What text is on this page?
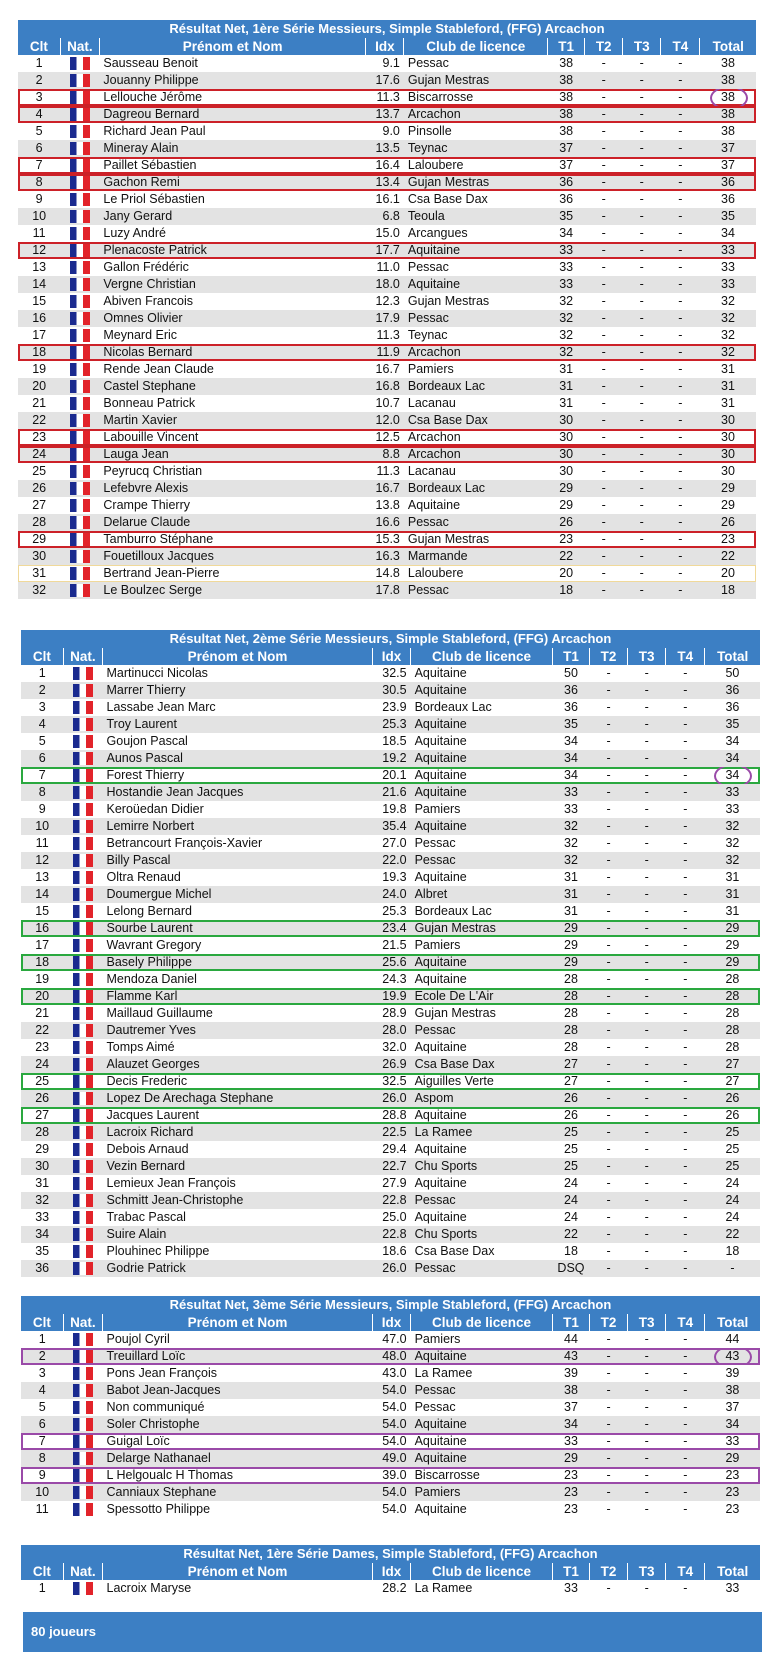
Résultat Net, 1ère Série Messieurs, Simple Stableford, (FFG) Arcachon
Clt	Nat.	Prénom et Nom	Idx	Club de licence	T1	T2	T3	T4	Total
1		Sausseau Benoit	9.1	Pessac	38	-	-	-	38
2		Jouanny Philippe	17.6	Gujan Mestras	38	-	-	-	38
3		Lellouche Jérôme	11.3	Biscarrosse	38	-	-	-	38
4		Dagreou Bernard	13.7	Arcachon	38	-	-	-	38
5		Richard Jean Paul	9.0	Pinsolle	38	-	-	-	38
6		Mineray Alain	13.5	Teynac	37	-	-	-	37
7		Paillet Sébastien	16.4	Laloubere	37	-	-	-	37
8		Gachon Remi	13.4	Gujan Mestras	36	-	-	-	36
9		Le Priol Sébastien	16.1	Csa Base Dax	36	-	-	-	36
10		Jany Gerard	6.8	Teoula	35	-	-	-	35
11		Luzy André	15.0	Arcangues	34	-	-	-	34
12		Plenacoste Patrick	17.7	Aquitaine	33	-	-	-	33
13		Gallon Frédéric	11.0	Pessac	33	-	-	-	33
14		Vergne Christian	18.0	Aquitaine	33	-	-	-	33
15		Abiven Francois	12.3	Gujan Mestras	32	-	-	-	32
16		Omnes Olivier	17.9	Pessac	32	-	-	-	32
17		Meynard Eric	11.3	Teynac	32	-	-	-	32
18		Nicolas Bernard	11.9	Arcachon	32	-	-	-	32
19		Rende Jean Claude	16.7	Pamiers	31	-	-	-	31
20		Castel Stephane	16.8	Bordeaux Lac	31	-	-	-	31
21		Bonneau Patrick	10.7	Lacanau	31	-	-	-	31
22		Martin Xavier	12.0	Csa Base Dax	30	-	-	-	30
23		Labouille Vincent	12.5	Arcachon	30	-	-	-	30
24		Lauga Jean	8.8	Arcachon	30	-	-	-	30
25		Peyrucq Christian	11.3	Lacanau	30	-	-	-	30
26		Lefebvre Alexis	16.7	Bordeaux Lac	29	-	-	-	29
27		Crampe Thierry	13.8	Aquitaine	29	-	-	-	29
28		Delarue Claude	16.6	Pessac	26	-	-	-	26
29		Tamburro Stéphane	15.3	Gujan Mestras	23	-	-	-	23
30		Fouetilloux Jacques	16.3	Marmande	22	-	-	-	22
31		Bertrand Jean-Pierre	14.8	Laloubere	20	-	-	-	20
32		Le Boulzec Serge	17.8	Pessac	18	-	-	-	18
Résultat Net, 2ème Série Messieurs, Simple Stableford, (FFG) Arcachon
Clt	Nat.	Prénom et Nom	Idx	Club de licence	T1	T2	T3	T4	Total
1		Martinucci Nicolas	32.5	Aquitaine	50	-	-	-	50
2		Marrer Thierry	30.5	Aquitaine	36	-	-	-	36
3		Lassabe Jean Marc	23.9	Bordeaux Lac	36	-	-	-	36
4		Troy Laurent	25.3	Aquitaine	35	-	-	-	35
5		Goujon Pascal	18.5	Aquitaine	34	-	-	-	34
6		Aunos Pascal	19.2	Aquitaine	34	-	-	-	34
7		Forest Thierry	20.1	Aquitaine	34	-	-	-	34
8		Hostandie Jean Jacques	21.6	Aquitaine	33	-	-	-	33
9		Keroüedan Didier	19.8	Pamiers	33	-	-	-	33
10		Lemirre Norbert	35.4	Aquitaine	32	-	-	-	32
11		Betrancourt François-Xavier	27.0	Pessac	32	-	-	-	32
12		Billy Pascal	22.0	Pessac	32	-	-	-	32
13		Oltra Renaud	19.3	Aquitaine	31	-	-	-	31
14		Doumergue Michel	24.0	Albret	31	-	-	-	31
15		Lelong Bernard	25.3	Bordeaux Lac	31	-	-	-	31
16		Sourbe Laurent	23.4	Gujan Mestras	29	-	-	-	29
17		Wavrant Gregory	21.5	Pamiers	29	-	-	-	29
18		Basely Philippe	25.6	Aquitaine	29	-	-	-	29
19		Mendoza Daniel	24.3	Aquitaine	28	-	-	-	28
20		Flamme Karl	19.9	Ecole De L'Air	28	-	-	-	28
21		Maillaud Guillaume	28.9	Gujan Mestras	28	-	-	-	28
22		Dautremer Yves	28.0	Pessac	28	-	-	-	28
23		Tomps Aimé	32.0	Aquitaine	28	-	-	-	28
24		Alauzet Georges	26.9	Csa Base Dax	27	-	-	-	27
25		Decis Frederic	32.5	Aiguilles Verte	27	-	-	-	27
26		Lopez De Arechaga Stephane	26.0	Aspom	26	-	-	-	26
27		Jacques Laurent	28.8	Aquitaine	26	-	-	-	26
28		Lacroix Richard	22.5	La Ramee	25	-	-	-	25
29		Debois Arnaud	29.4	Aquitaine	25	-	-	-	25
30		Vezin Bernard	22.7	Chu Sports	25	-	-	-	25
31		Lemieux Jean François	27.9	Aquitaine	24	-	-	-	24
32		Schmitt Jean-Christophe	22.8	Pessac	24	-	-	-	24
33		Trabac Pascal	25.0	Aquitaine	24	-	-	-	24
34		Suire Alain	22.8	Chu Sports	22	-	-	-	22
35		Plouhinec Philippe	18.6	Csa Base Dax	18	-	-	-	18
36		Godrie Patrick	26.0	Pessac	DSQ	-	-	-	-
Résultat Net, 3ème Série Messieurs, Simple Stableford, (FFG) Arcachon
Clt	Nat.	Prénom et Nom	Idx	Club de licence	T1	T2	T3	T4	Total
1		Poujol Cyril	47.0	Pamiers	44	-	-	-	44
2		Treuillard Loïc	48.0	Aquitaine	43	-	-	-	43
3		Pons Jean François	43.0	La Ramee	39	-	-	-	39
4		Babot Jean-Jacques	54.0	Pessac	38	-	-	-	38
5		Non communiqué	54.0	Pessac	37	-	-	-	37
6		Soler Christophe	54.0	Aquitaine	34	-	-	-	34
7		Guigal Loïc	54.0	Aquitaine	33	-	-	-	33
8		Delarge Nathanael	49.0	Aquitaine	29	-	-	-	29
9		L Helgoualc H Thomas	39.0	Biscarrosse	23	-	-	-	23
10		Canniaux Stephane	54.0	Pamiers	23	-	-	-	23
11		Spessotto Philippe	54.0	Aquitaine	23	-	-	-	23
Résultat Net, 1ère Série Dames, Simple Stableford, (FFG) Arcachon
Clt	Nat.	Prénom et Nom	Idx	Club de licence	T1	T2	T3	T4	Total
1		Lacroix Maryse	28.2	La Ramee	33	-	-	-	33
80 joueurs
